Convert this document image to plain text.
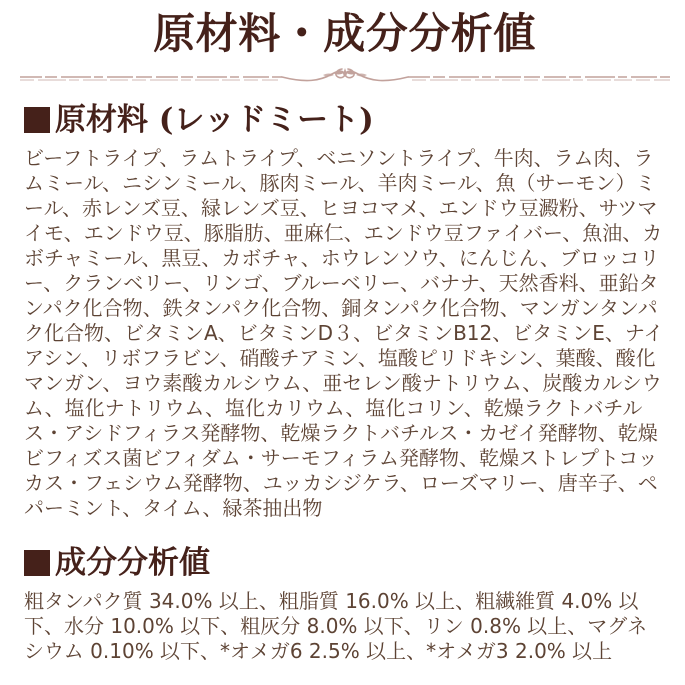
原材料・成分分析値
原材料 (レッドミート)

ビーフトライプ、ラムトライプ、ベニソントライプ、牛肉、ラム肉、ラムミール、ニシンミール、豚肉ミール、羊肉ミール、魚（サーモン）ミール、赤レンズ豆、緑レンズ豆、ヒヨコマメ、エンドウ豆澱粉、サツマイモ、エンドウ豆、豚脂肪、亜麻仁、エンドウ豆ファイバー、魚油、カボチャミール、黒豆、カボチャ、ホウレンソウ、にんじん、ブロッコリー、クランベリー、リンゴ、ブルーベリー、バナナ、天然香料、亜鉛タンパク化合物、鉄タンパク化合物、銅タンパク化合物、マンガンタンパク化合物、ビタミンA、ビタミンD３、ビタミンB12、ビタミンE、ナイアシン、リボフラビン、硝酸チアミン、塩酸ピリドキシン、葉酸、酸化マンガン、ヨウ素酸カルシウム、亜セレン酸ナトリウム、炭酸カルシウム、塩化ナトリウム、塩化カリウム、塩化コリン、乾燥ラクトバチルス・アシドフィラス発酵物、乾燥ラクトバチルス・カゼイ発酵物、乾燥ビフィズス菌ビフィダム・サーモフィラム発酵物、乾燥ストレプトコッカス・フェシウム発酵物、ユッカシジケラ、ローズマリー、唐辛子、ペパーミント、タイム、緑茶抽出物

成分分析値

粗タンパク質 34.0% 以上、粗脂質 16.0% 以上、粗繊維質 4.0% 以下、水分 10.0% 以下、粗灰分 8.0% 以下、リン 0.8% 以上、マグネシウム 0.10% 以下、*オメガ6 2.5% 以上、*オメガ3 2.0% 以上
